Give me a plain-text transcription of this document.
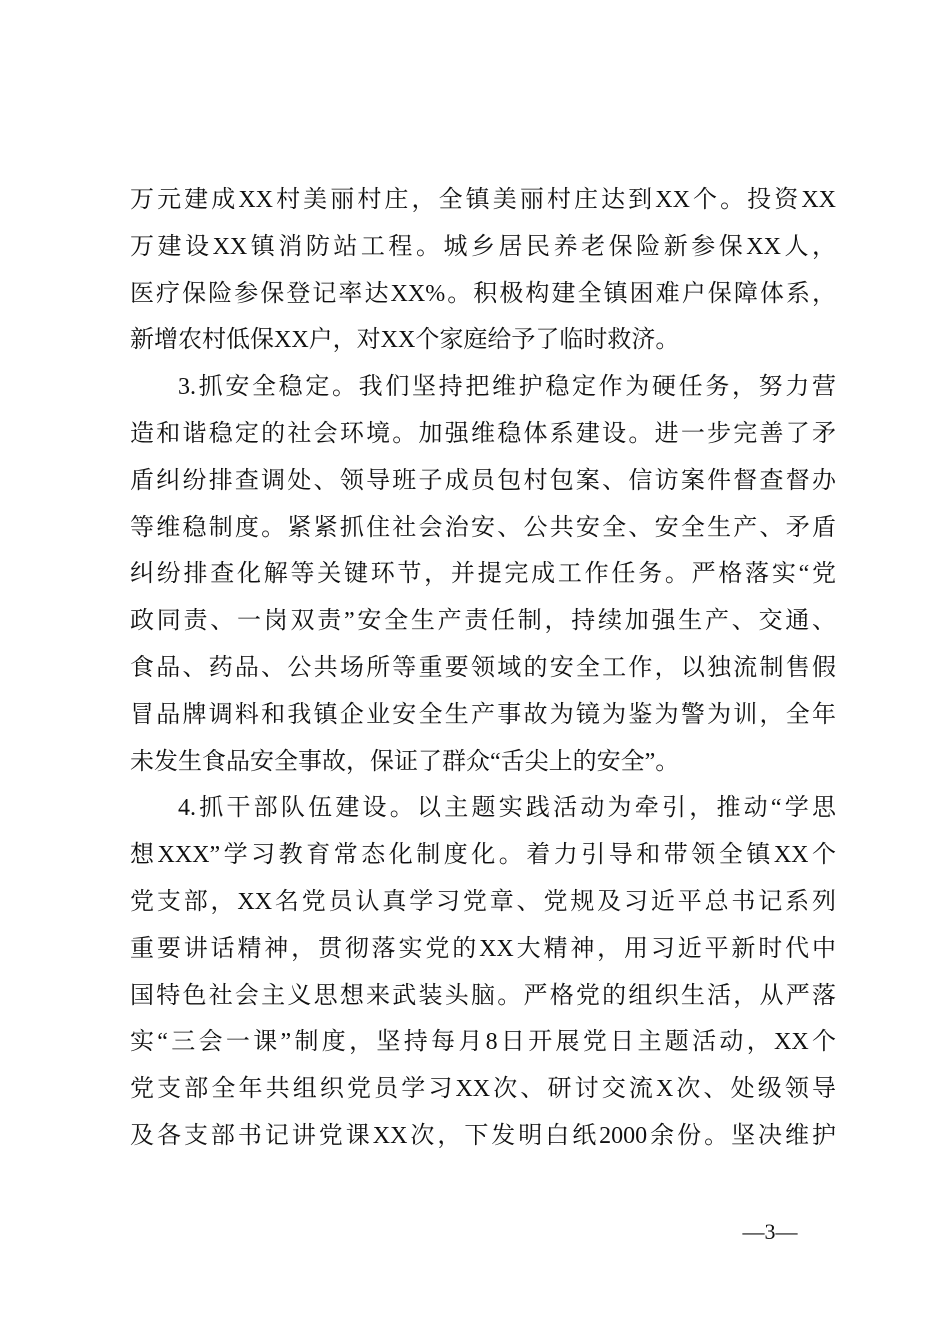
万元建成XX村美丽村庄，全镇美丽村庄达到XX个。投资XX
万建设XX镇消防站工程。城乡居民养老保险新参保XX人，
医疗保险参保登记率达XX%。积极构建全镇困难户保障体系，
新增农村低保XX户，对XX个家庭给予了临时救济。
3.抓安全稳定。我们坚持把维护稳定作为硬任务，努力营
造和谐稳定的社会环境。加强维稳体系建设。进一步完善了矛
盾纠纷排查调处、领导班子成员包村包案、信访案件督查督办
等维稳制度。紧紧抓住社会治安、公共安全、安全生产、矛盾
纠纷排查化解等关键环节，并提完成工作任务。严格落实“党
政同责、一岗双责”安全生产责任制，持续加强生产、交通、
食品、药品、公共场所等重要领域的安全工作，以独流制售假
冒品牌调料和我镇企业安全生产事故为镜为鉴为警为训，全年
未发生食品安全事故，保证了群众“舌尖上的安全”。
4.抓干部队伍建设。以主题实践活动为牵引，推动“学思
想XXX”学习教育常态化制度化。着力引导和带领全镇XX个
党支部，XX名党员认真学习党章、党规及习近平总书记系列
重要讲话精神，贯彻落实党的XX大精神，用习近平新时代中
国特色社会主义思想来武装头脑。严格党的组织生活，从严落
实“三会一课”制度，坚持每月8日开展党日主题活动，XX个
党支部全年共组织党员学习XX次、研讨交流X次、处级领导
及各支部书记讲党课XX次，下发明白纸2000余份。坚决维护
—3—
